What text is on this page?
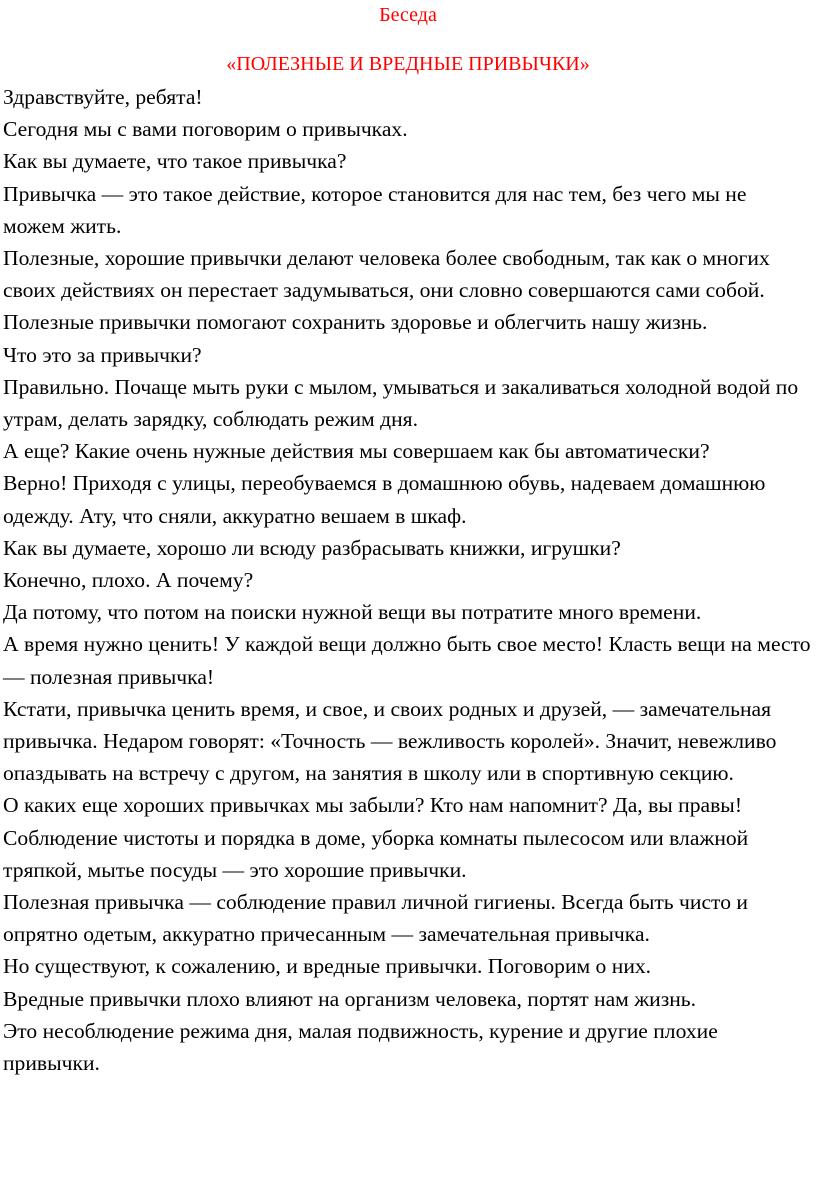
Беседа
«ПОЛЕЗНЫЕ И ВРЕДНЫЕ ПРИВЫЧКИ»

Здравствуйте, ребята!

Сегодня мы с вами поговорим о привычках.

Как вы думаете, что такое привычка?

Привычка — это такое действие, которое становится для нас тем, без чего мы не можем жить.

Полезные, хорошие привычки делают человека более свободным, так как о многих своих действиях он перестает задумываться, они словно совершаются сами собой.

Полезные привычки помогают сохранить здоровье и облегчить нашу жизнь.

Что это за привычки?

Правильно. Почаще мыть руки с мылом, умываться и закаливаться холодной водой по утрам, делать зарядку, соблюдать режим дня.

А еще? Какие очень нужные действия мы совершаем как бы автоматически?

Верно! Приходя с улицы, переобуваемся в домашнюю обувь, надеваем домашнюю одежду. Ату, что сняли, аккуратно вешаем в шкаф.

Как вы думаете, хорошо ли всюду разбрасывать книжки, игрушки?

Конечно, плохо. А почему?

Да потому, что потом на поиски нужной вещи вы потратите много времени.

А время нужно ценить! У каждой вещи должно быть свое место! Класть вещи на место — полезная привычка!

Кстати, привычка ценить время, и свое, и своих родных и друзей, — замечательная привычка. Недаром говорят: «Точность — вежливость королей». Значит, невежливо опаздывать на встречу с другом, на занятия в школу или в спортивную секцию.

О каких еще хороших привычках мы забыли? Кто нам напомнит? Да, вы правы! Соблюдение чистоты и порядка в доме, уборка комнаты пылесосом или влажной тряпкой, мытье посуды — это хорошие привычки.

Полезная привычка — соблюдение правил личной гигиены. Всегда быть чисто и опрятно одетым, аккуратно причесанным — замечательная привычка.

Но существуют, к сожалению, и вредные привычки. Поговорим о них.

Вредные привычки плохо влияют на организм человека, портят нам жизнь.

Это несоблюдение режима дня, малая подвижность, курение и другие плохие привычки.
